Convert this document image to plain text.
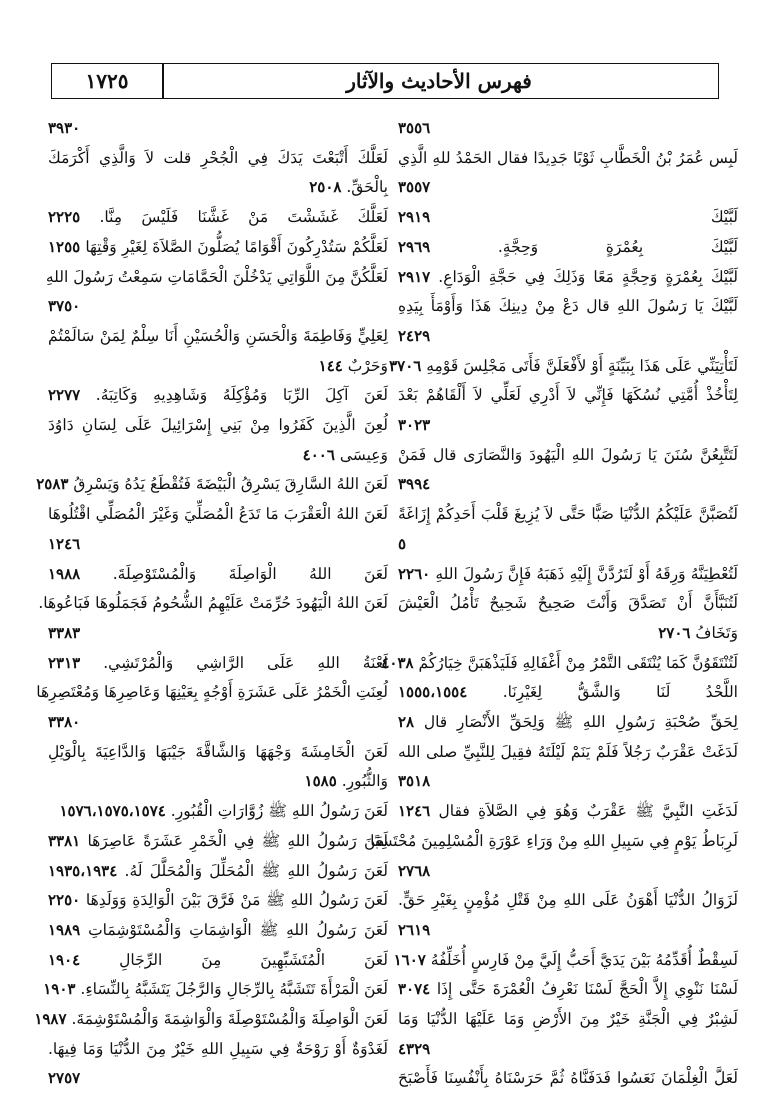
فهرس الأحاديث والآثار
١٧٢٥
٣٥٥٦
لَبِس عُمَرُ بْنُ الْخَطَّابِ ثَوْبًا جَدِيدًا فقال الحَمْدُ للهِ الَّذِي
٣٥٥٧
لَبَّيْكَ ٢٩١٩
لَبَّيْكَ بِعُمْرَةٍ وَحِجَّةٍ. ٢٩٦٩
لَبَّيْكَ بِعُمْرَةٍ وَحِجَّةٍ مَعًا وَذَلِكَ فِي حَجَّةِ الْوَدَاعِ. ٢٩١٧
لَبَّيْكَ يَا رَسُولَ اللهِ قال دَعْ مِنْ دِينِكَ هَذَا وَأَوْمَأَ بِيَدِهِ
٢٤٢٩
لَتَأْتِيَنِّي عَلَى هَذَا بِبَيِّنَةٍ أَوْ لأَفْعَلَنَّ فَأَتَى مَجْلِسَ قَوْمِهِ ٣٧٠٦
لِتَأْخُذْ أُمَّتِي نُسُكَهَا فَإِنِّي لاَ أَدْرِي لَعَلِّي لاَ أَلْقَاهُمْ بَعْدَ
٣٠٢٣
لَتَتَّبِعُنَّ سُنَنَ يَا رَسُولَ اللهِ الْيَهُودَ وَالنَّصَارَى قال فَمَنْ
٣٩٩٤
لَتُصَبَّنَّ عَلَيْكُمُ الدُّنْيَا صَبًّا حَتَّى لاَ يُزِيغَ قَلْبَ أَحَدِكُمْ إِزَاغَةً
٥
لَتُعْطِيَنَّهُ وَرِقَهُ أَوْ لَتَرُدَّنَّ إِلَيْهِ ذَهَبَهُ فَإِنَّ رَسُولَ اللهِ ٢٢٦٠
لَتُنَبَّأَنَّ أَنْ تَصَدَّقَ وَأَنْتَ صَحِيحٌ شَحِيحٌ تَأْمُلُ الْعَيْشَ
وَتَخَافُ ٢٧٠٦
لَتُنْتَقَوُنَّ كَمَا يُنْتَقَى التَّمْرُ مِنْ أَغْفَالِهِ فَلَيَذْهَبَنَّ خِيَارُكُمْ ٤٠٣٨
اللَّحْدُ لَنَا وَالشَّقُّ لِغَيْرِنَا. ١٥٥٥،١٥٥٤
لِحَقِّ صُحْبَةِ رَسُولِ اللهِ ﷺ وَلِحَقِّ الأَنْصَارِ قال ٢٨
لَدَغَتْ عَقْرَبٌ رَجُلاً فَلَمْ يَنَمْ لَيْلَتَهُ فقِيلَ لِلنَّبِيِّ صلى الله
٣٥١٨
لَدَغَتِ النَّبِيَّ ﷺ عَقْرَبٌ وَهُوَ فِي الصَّلاَةِ فقال ١٢٤٦
لَرِبَاطُ يَوْمٍ فِي سَبِيلِ اللهِ مِنْ وَرَاءِ عَوْرَةِ الْمُسْلِمِينَ مُحْتَسِبًا
٢٧٦٨
لَزَوَالُ الدُّنْيَا أَهْوَنُ عَلَى اللهِ مِنْ قَتْلِ مُؤْمِنٍ بِغَيْرِ حَقٍّ.
٢٦١٩
لَسِقْطٌ أُقَدِّمُهُ بَيْنَ يَدَيَّ أَحَبُّ إِلَيَّ مِنْ فَارِسٍ أُخَلِّفُهُ ١٦٠٧
لَسْنَا نَنْوِي إِلاَّ الْحَجَّ لَسْنَا نَعْرِفُ الْعُمْرَةَ حَتَّى إِذَا ٣٠٧٤
لَشِبْرٌ فِي الْجَنَّةِ خَيْرٌ مِنَ الأَرْضِ وَمَا عَلَيْهَا الدُّنْيَا وَمَا
٤٣٢٩
لَعَلَّ الْغِلْمَانَ نَعَسُوا فَدَفَنَّاهُ ثُمَّ حَرَسْنَاهُ بِأَنْفُسِنَا فَأَصْبَحَ
٣٩٣٠
لَعَلَّكَ أَتْبَعْتَ يَدَكَ فِي الْجُحْرِ قلت لاَ وَالَّذِي أَكْرَمَكَ
بِالْحَقِّ. ٢٥٠٨
لَعَلَّكَ غَشَشْتَ مَنْ غَشَّنَا فَلَيْسَ مِنَّا. ٢٢٢٥
لَعَلَّكُمْ سَتُدْرِكُونَ أَقْوَامًا يُصَلُّونَ الصَّلاَةَ لِغَيْرِ وَقْتِهَا ١٢٥٥
لَعَلَّكُنَّ مِنَ اللَّوَاتِي يَدْخُلْنَ الْحَمَّامَاتِ سَمِعْتُ رَسُولَ اللهِ
٣٧٥٠
لِعَلِيٍّ وَفَاطِمَةَ وَالْحَسَنِ وَالْحُسَيْنِ أَنَا سِلْمٌ لِمَنْ سَالَمْتُمْ
وَحَرْبٌ ١٤٤
لَعَنَ آكِلَ الرِّبَا وَمُؤْكِلَهُ وَشَاهِدِيهِ وَكَاتِبَهُ. ٢٢٧٧
لُعِنَ الَّذِينَ كَفَرُوا مِنْ بَنِي إِسْرَائِيلَ عَلَى لِسَانِ دَاوُدَ
وَعِيسَى ٤٠٠٦
لَعَنَ اللهُ السَّارِقَ يَسْرِقُ الْبَيْضَةَ فَتُقْطَعُ يَدُهُ وَيَسْرِقُ ٢٥٨٣
لَعَنَ اللهُ الْعَقْرَبَ مَا تَدَعُ الْمُصَلِّيَ وَغَيْرَ الْمُصَلِّي اقْتُلُوهَا
١٢٤٦
لَعَنَ اللهُ الْوَاصِلَةَ وَالْمُسْتَوْصِلَةَ. ١٩٨٨
لَعَنَ اللهُ الْيَهُودَ حُرِّمَتْ عَلَيْهِمُ الشُّحُومُ فَجَمَلُوهَا فَبَاعُوهَا.
٣٣٨٣
لَعْنَةُ اللهِ عَلَى الرَّاشِي وَالْمُرْتَشِي. ٢٣١٣
لُعِنَتِ الْخَمْرُ عَلَى عَشَرَةِ أَوْجُهٍ بِعَيْنِهَا وَعَاصِرِهَا وَمُعْتَصِرِهَا
٣٣٨٠
لَعَنَ الْخَامِشَةَ وَجْهَهَا وَالشَّاقَّةَ جَيْبَهَا وَالدَّاعِيَةَ بِالْوَيْلِ
وَالثُّبُورِ. ١٥٨٥
لَعَنَ رَسُولُ اللهِ ﷺ زُوَّارَاتِ الْقُبُورِ. ١٥٧٦،١٥٧٥،١٥٧٤
لَعَنَ رَسُولُ اللهِ ﷺ فِي الْخَمْرِ عَشَرَةً عَاصِرَهَا ٣٣٨١
لَعَنَ رَسُولُ اللهِ ﷺ الْمُحَلِّلَ وَالْمُحَلَّلَ لَهُ. ١٩٣٥،١٩٣٤
لَعَنَ رَسُولُ اللهِ ﷺ مَنْ فَرَّقَ بَيْنَ الْوَالِدَةِ وَوَلَدِهَا ٢٢٥٠
لَعَنَ رَسُولُ اللهِ ﷺ الْوَاشِمَاتِ وَالْمُسْتَوْشِمَاتِ ١٩٨٩
لَعَنَ الْمُتَشَبِّهِينَ مِنَ الرِّجَالِ ١٩٠٤
لَعَنَ الْمَرْأَةَ تَتَشَبَّهُ بِالرِّجَالِ وَالرَّجُلَ يَتَشَبَّهُ بِالنِّسَاءِ. ١٩٠٣
لَعَنَ الْوَاصِلَةَ وَالْمُسْتَوْصِلَةَ وَالْوَاشِمَةَ وَالْمُسْتَوْشِمَةَ. ١٩٨٧
لَغَدْوَةٌ أَوْ رَوْحَةٌ فِي سَبِيلِ اللهِ خَيْرٌ مِنَ الدُّنْيَا وَمَا فِيهَا.
٢٧٥٧
